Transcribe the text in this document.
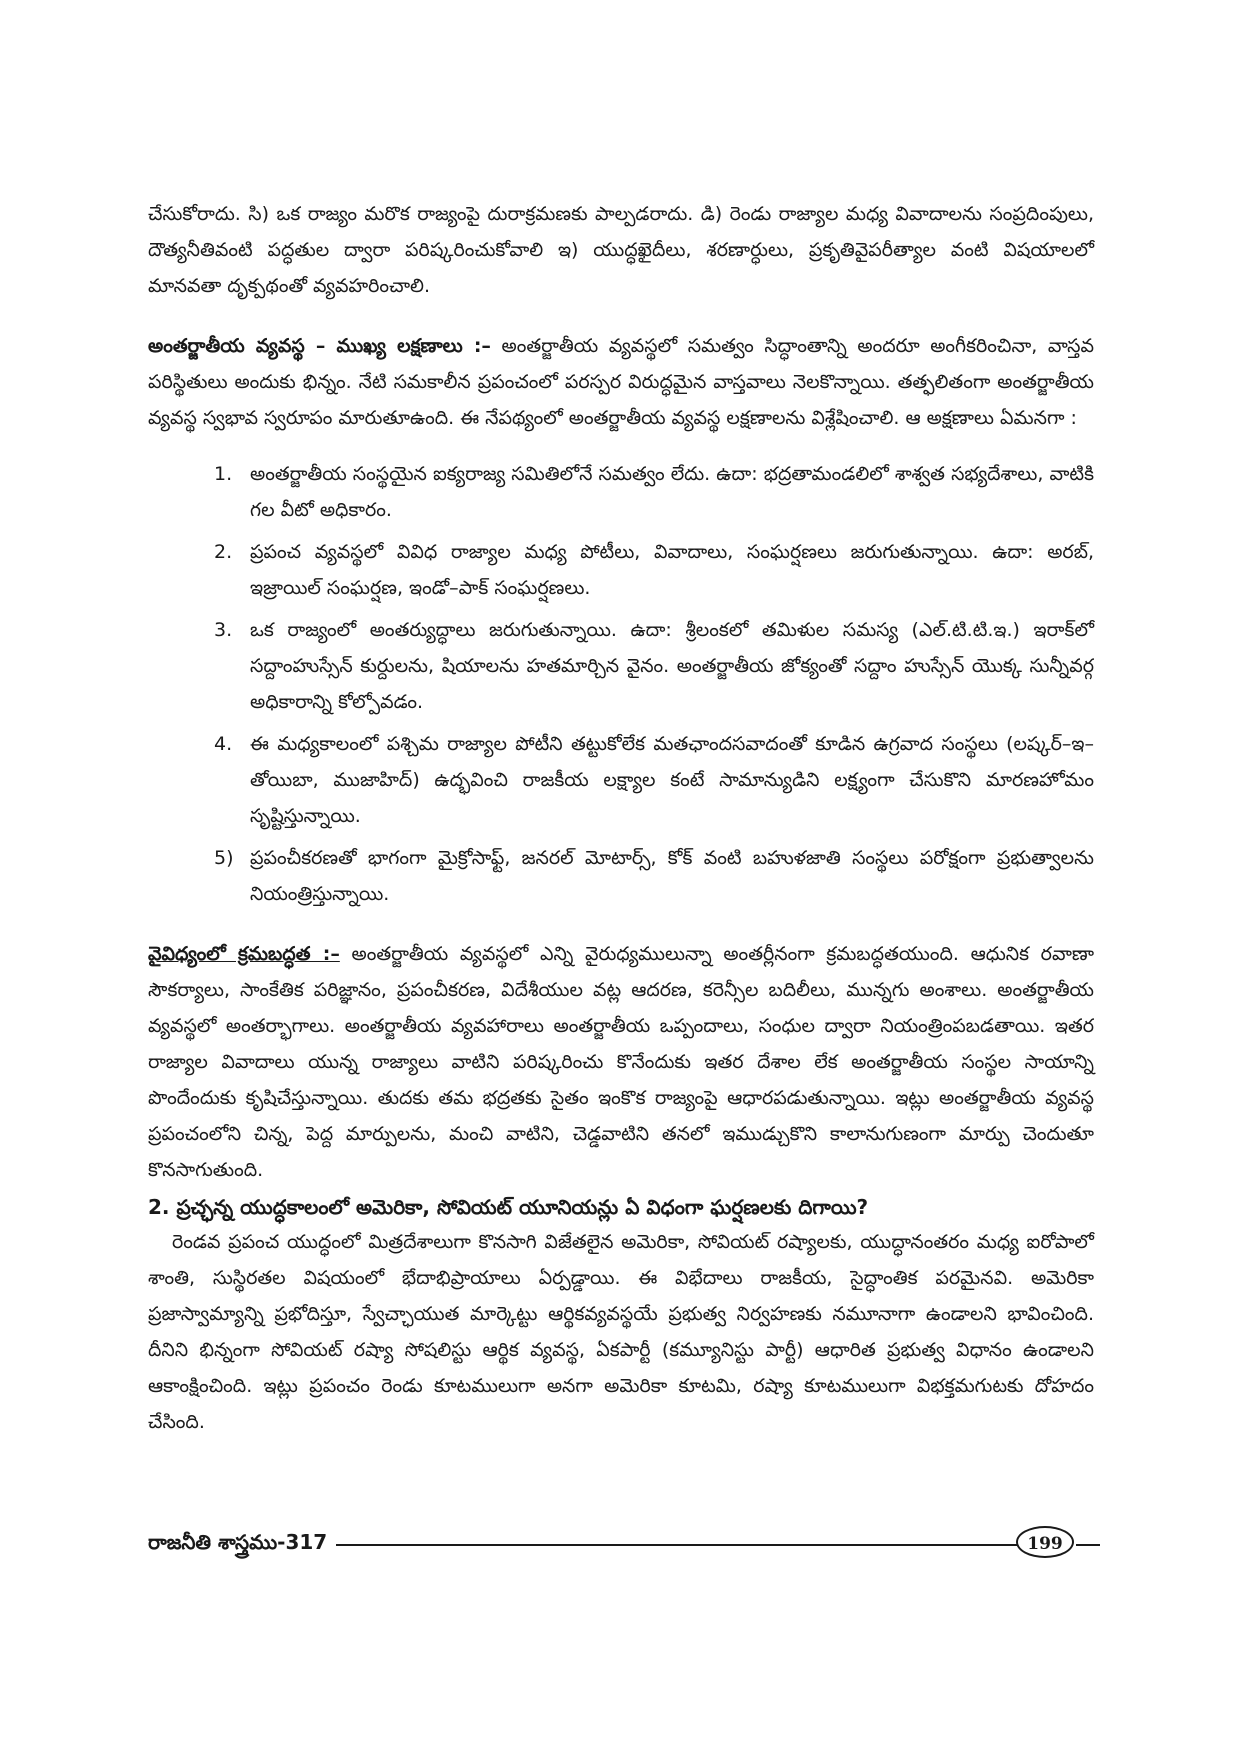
చేసుకోరాదు. సి) ఒక రాజ్యం మరొక రాజ్యంపై దురాక్రమణకు పాల్పడరాదు. డి) రెండు రాజ్యాల మధ్య వివాదాలను సంప్రదింపులు, దౌత్యనీతివంటి పద్ధతుల ద్వారా పరిష్కరించుకోవాలి ఇ) యుద్ధఖైదీలు, శరణార్ధులు, ప్రకృతివైపరీత్యాల వంటి విషయాలలో మానవతా దృక్పథంతో వ్యవహరించాలి.

అంతర్జాతీయ వ్యవస్థ – ముఖ్య లక్షణాలు :– అంతర్జాతీయ వ్యవస్థలో సమత్వం సిద్ధాంతాన్ని అందరూ అంగీకరించినా, వాస్తవ పరిస్థితులు అందుకు భిన్నం. నేటి సమకాలీన ప్రపంచంలో పరస్పర విరుద్ధమైన వాస్తవాలు నెలకొన్నాయి. తత్ఫలితంగా అంతర్జాతీయ వ్యవస్థ స్వభావ స్వరూపం మారుతూఉంది. ఈ నేపథ్యంలో అంతర్జాతీయ వ్యవస్థ లక్షణాలను విశ్లేషించాలి. ఆ అక్షణాలు ఏమనగా :

1. అంతర్జాతీయ సంస్థయైన ఐక్యరాజ్య సమితిలోనే సమత్వం లేదు. ఉదా: భద్రతామండలిలో శాశ్వత సభ్యదేశాలు, వాటికి గల వీటో అధికారం.
2. ప్రపంచ వ్యవస్థలో వివిధ రాజ్యాల మధ్య పోటీలు, వివాదాలు, సంఘర్షణలు జరుగుతున్నాయి. ఉదా: అరబ్, ఇజ్రాయిల్ సంఘర్షణ, ఇండో–పాక్ సంఘర్షణలు.
3. ఒక రాజ్యంలో అంతర్యుద్ధాలు జరుగుతున్నాయి. ఉదా: శ్రీలంకలో తమిళుల సమస్య (ఎల్.టి.టి.ఇ.) ఇరాక్‌లో సద్దాంహుస్సేన్ కుర్దులను, షియాలను హతమార్చిన వైనం. అంతర్జాతీయ జోక్యంతో సద్దాం హుస్సేన్ యొక్క సున్నీవర్గ అధికారాన్ని కోల్పోవడం.
4. ఈ మధ్యకాలంలో పశ్చిమ రాజ్యాల పోటీని తట్టుకోలేక మతఛాందసవాదంతో కూడిన ఉగ్రవాద సంస్థలు (లష్కర్–ఇ–తోయిబా, ముజాహిద్) ఉద్భవించి రాజకీయ లక్ష్యాల కంటే సామాన్యుడిని లక్ష్యంగా చేసుకొని మారణహోమం సృష్టిస్తున్నాయి.
5) ప్రపంచీకరణతో భాగంగా మైక్రోసాఫ్ట్, జనరల్ మోటార్స్, కోక్ వంటి బహుళజాతి సంస్థలు పరోక్షంగా ప్రభుత్వాలను నియంత్రిస్తున్నాయి.

వైవిధ్యంలో క్రమబద్ధత :– అంతర్జాతీయ వ్యవస్థలో ఎన్ని వైరుధ్యములున్నా అంతర్లీనంగా క్రమబద్ధతయుంది. ఆధునిక రవాణా సౌకర్యాలు, సాంకేతిక పరిజ్ఞానం, ప్రపంచీకరణ, విదేశీయుల వట్ల ఆదరణ, కరెన్సీల బదిలీలు, మున్నగు అంశాలు. అంతర్జాతీయ వ్యవస్థలో అంతర్భాగాలు. అంతర్జాతీయ వ్యవహారాలు అంతర్జాతీయ ఒప్పందాలు, సంధుల ద్వారా నియంత్రింపబడతాయి. ఇతర రాజ్యాల వివాదాలు యున్న రాజ్యాలు వాటిని పరిష్కరించు కొనేందుకు ఇతర దేశాల లేక అంతర్జాతీయ సంస్థల సాయాన్ని పొందేందుకు కృషిచేస్తున్నాయి. తుదకు తమ భద్రతకు సైతం ఇంకొక రాజ్యంపై ఆధారపడుతున్నాయి. ఇట్లు అంతర్జాతీయ వ్యవస్థ ప్రపంచంలోని చిన్న, పెద్ద మార్పులను, మంచి వాటిని, చెడ్డవాటిని తనలో ఇముడ్చుకొని కాలానుగుణంగా మార్పు చెందుతూ కొనసాగుతుంది.

2. ప్రచ్ఛన్న యుద్ధకాలంలో అమెరికా, సోవియట్ యూనియన్లు ఏ విధంగా ఘర్షణలకు దిగాయి?

రెండవ ప్రపంచ యుద్ధంలో మిత్రదేశాలుగా కొనసాగి విజేతలైన అమెరికా, సోవియట్ రష్యాలకు, యుద్ధానంతరం మధ్య ఐరోపాలో శాంతి, సుస్థిరతల విషయంలో భేదాభిప్రాయాలు ఏర్పడ్డాయి. ఈ విభేదాలు రాజకీయ, సైద్ధాంతిక పరమైనవి. అమెరికా ప్రజాస్వామ్యాన్ని ప్రభోదిస్తూ, స్వేచ్ఛాయుత మార్కెట్టు ఆర్థికవ్యవస్థయే ప్రభుత్వ నిర్వహణకు నమూనాగా ఉండాలని భావించింది. దీనిని భిన్నంగా సోవియట్ రష్యా సోషలిస్టు ఆర్థిక వ్యవస్థ, ఏకపార్టీ (కమ్యూనిస్టు పార్టీ) ఆధారిత ప్రభుత్వ విధానం ఉండాలని ఆకాంక్షించింది. ఇట్లు ప్రపంచం రెండు కూటములుగా అనగా అమెరికా కూటమి, రష్యా కూటములుగా విభక్తమగుటకు దోహదం చేసింది.

రాజనీతి శాస్త్రము-317	199
